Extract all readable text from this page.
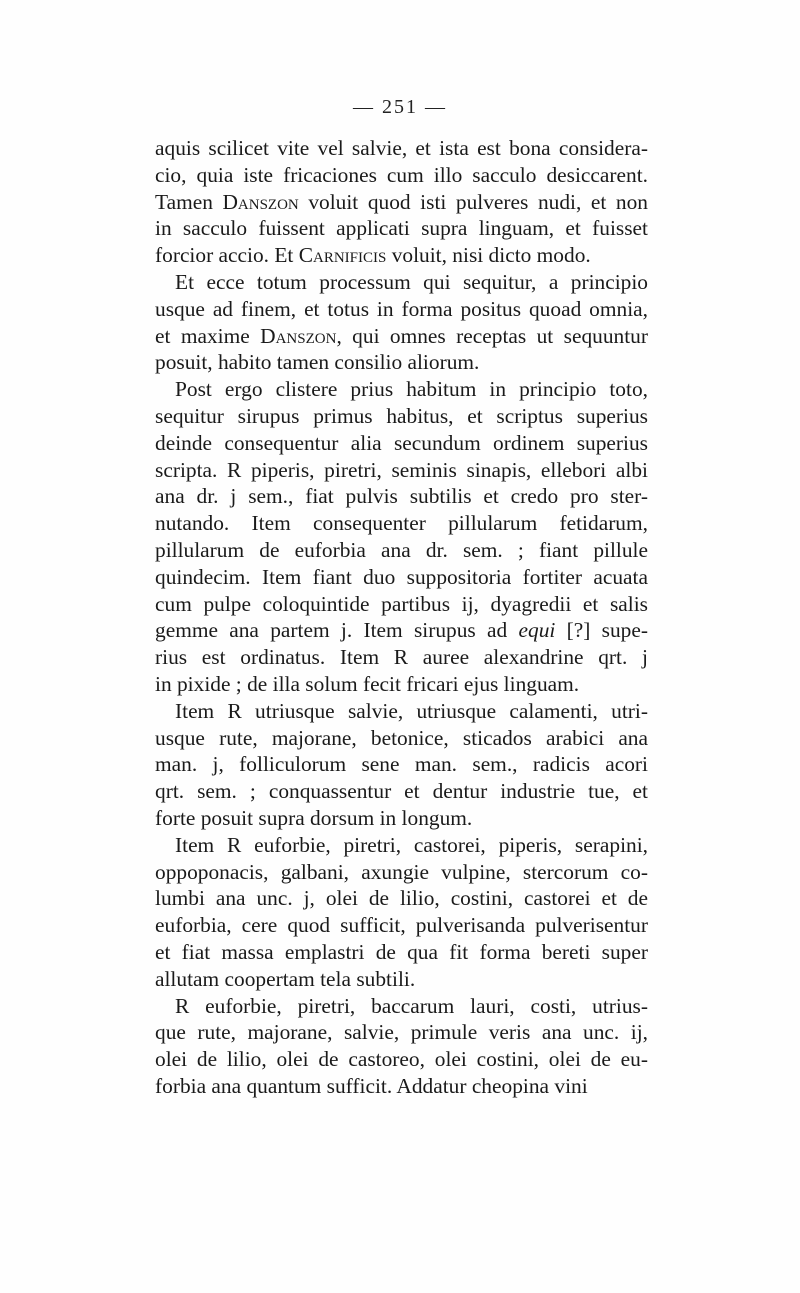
— 251 —
aquis scilicet vite vel salvie, et ista est bona considera-
cio, quia iste fricaciones cum illo sacculo desiccarent.
Tamen Danszon voluit quod isti pulveres nudi, et non
in sacculo fuissent applicati supra linguam, et fuisset
forcior accio. Et Carnificis voluit, nisi dicto modo.
Et ecce totum processum qui sequitur, a principio
usque ad finem, et totus in forma positus quoad omnia,
et maxime Danszon, qui omnes receptas ut sequuntur
posuit, habito tamen consilio aliorum.
Post ergo clistere prius habitum in principio toto,
sequitur sirupus primus habitus, et scriptus superius
deinde consequentur alia secundum ordinem superius
scripta. R piperis, piretri, seminis sinapis, ellebori albi
ana dr. j sem., fiat pulvis subtilis et credo pro ster-
nutando. Item consequenter pillularum fetidarum,
pillularum de euforbia ana dr. sem. ; fiant pillule
quindecim. Item fiant duo suppositoria fortiter acuata
cum pulpe coloquintide partibus ij, dyagredii et salis
gemme ana partem j. Item sirupus ad equi [?] supe-
rius est ordinatus. Item R auree alexandrine qrt. j
in pixide ; de illa solum fecit fricari ejus linguam.
Item R utriusque salvie, utriusque calamenti, utri-
usque rute, majorane, betonice, sticados arabici ana
man. j, folliculorum sene man. sem., radicis acori
qrt. sem. ; conquassentur et dentur industrie tue, et
forte posuit supra dorsum in longum.
Item R euforbie, piretri, castorei, piperis, serapini,
oppoponacis, galbani, axungie vulpine, stercorum co-
lumbi ana unc. j, olei de lilio, costini, castorei et de
euforbia, cere quod sufficit, pulverisanda pulverisentur
et fiat massa emplastri de qua fit forma bereti super
allutam coopertam tela subtili.
R euforbie, piretri, baccarum lauri, costi, utrius-
que rute, majorane, salvie, primule veris ana unc. ij,
olei de lilio, olei de castoreo, olei costini, olei de eu-
forbia ana quantum sufficit. Addatur cheopina vini
